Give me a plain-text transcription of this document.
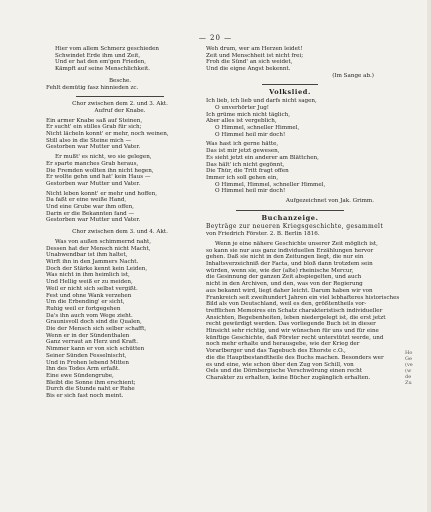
— 20 —
Hier vom allem Schmerz geschieden
Schwindet Erde ihm und Zeit,
Und er hat den em'gen Frieden,
Kämpft auf seine Menschlichkeit.
Besche.
Fehlt demütig fasz hinnieden zc.
Chor zwischen dem 2. und 3. Akt.
Aufruf der Knabe.
Ein armer Knabe saß auf Steinen,
Er sucht' ein stilles Grab für sich;
Nicht lächeln konnt' er mehr, noch weinen,
Still also in die Steine mich —
Gestorben war Mutter und Vater.
Er mußt' es nicht, wo sie gelegen,
Er sparte manches Grab heraus,
Die Fremden wollten ihn nicht hegen,
Er wollte gehn und hat' kein Haus —
Gestorben war Mutter und Vater.
Nicht leben konnt' er mehr und hoffen,
Da faßt er eine weiße Hand,
Und eine Grube war ihm offen,
Darin er die Bekannten fand —
Gestorben war Mutter und Vater.
Chor zwischen dem 3. und 4. Akt.
Was von außen schimmernd naht,
Dessen hat der Mensch nicht Macht,
Unabwendbar ist ihm haltet,
Wirft ihn in den Jammers Nacht.
Doch der Stärke kennt kein Leiden,
Was nicht in ihm heimlich ist,
Und Hellig weiß er zu meiden,
Weil er nicht sich selbst vergißt.
Fest und ohne Wank verzehen
Um die Erbending' er sicht,
Ruhig weil er fortgegehen
Da's ihn auch vom Wege zieht.
Graunisvoll doch sind die Qualen,
Die der Mensch sich selber schafft,
Wenn er in der Sündenthalen
Ganz verraut an Herz und Kraft.
Nimmer kann er von sich schütten
Seiner Sünden Fesselnischt,
Und in Frohen lebend Mitten
Ihn des Todes Arm erfaßt.
Eine ewe Sündengrube,
Bleibt die Sonne ihm erschient;
Durch die Stunde naht er Ruhe
Bis er sich fast noch meint.
Weh drum, wer am Herzen leidet!
Zeit und Menschheit ist nicht frei;
Froh die Sünd' an sich weidet,
Und die eigne Angst bekennt.
(Im Sange ab.)
Volkslied.
Ich lieb, ich lieb und darfs nicht sagen,
O unverhörter Jug!
Ich grüme mich nicht täglich,
Aber alles ist vergeblich,
O Himmel, schneller Himmel,
O Himmel heil mir doch!
Was hast ich gerne hätte,
Das ist mir jetzt gewesen,
Es sieht jetzt ein anderer am Blättchen,
Das hält' ich nicht gegönnt,
Die Thür, die Tritt fragt offen
Immer ich soll gehen ein,
O Himmel, Himmel, schneller Himmel,
O Himmel heil mir doch!
Aufgezeichnet von Jak. Grimm.
Buchanzeige.
Beyträge zur neueren Kriegsgeschichte, gesammelt
von Friedrich Förster. 2. B. Berlin 1816.
Wenn je eine nähere Geschichte unserer Zeit möglich ist,
so kann sie nur aus ganz individuellen Erzählungen hervor
gehen. Daß sie nicht in den Zeitungen liegt, die nur ein
Inhaltsverzeichniß der Facta, und bloß dann trotzdem sein
würden, wenn sie, wie der (alte) rheinische Mercur,
die Gesinnung der ganzen Zeit abspiegelten, und auch
nicht in den Archiven, und den, was von der Regierung
aus bekannt wird, liegt daher leicht. Darum haben wir von
Frankreich seit zweihundert Jahren ein viel lebhafteres historisches
Bild als von Deutschland, weil es den, größtentheils vor-
trefflichen Memoires ein Schatz charakteristisch individueller
Ansichten, Begebenheiten, leben niedergelegt ist, die erst jetzt
recht gewürdigt werden. Das vorliegende Buch ist in dieser
Hinsicht sehr richtig, und wir wünschen für uns und für eine
künftige Geschichte, daß Förster recht unterstützt werde, und
noch mehr erhalte und herausgebe, wie der Krieg der
Vorarlberger und das Tagebuch des Ehorste c.O.,
die die Hauptbestandtheile des Buchs machen. Besonders wer
es und eine, wie schon über den Zug von Schill, von
Oels und die Dörnbergische Verschwörung einen recht
Charakter zu erhalten, keine Bücher zugänglich erhalten.
Ho
Ge
(ve
(w
de
Zu
